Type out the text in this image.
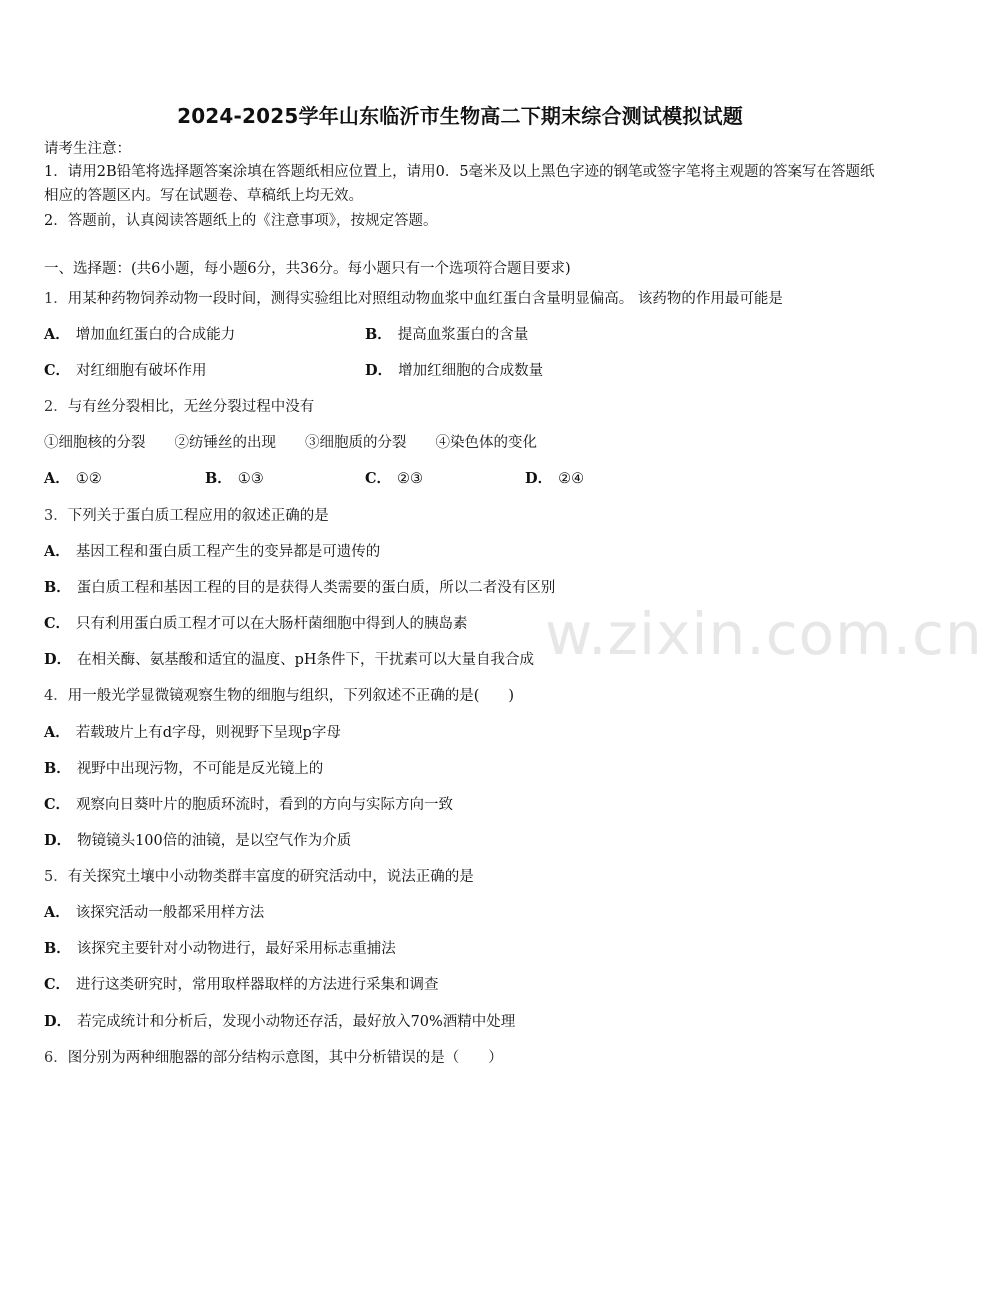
2024-2025学年山东临沂市生物高二下期末综合测试模拟试题
请考生注意：
1．请用2B铅笔将选择题答案涂填在答题纸相应位置上，请用0．5毫米及以上黑色字迹的钢笔或签字笔将主观题的答案写在答题纸相应的答题区内。写在试题卷、草稿纸上均无效。
2．答题前，认真阅读答题纸上的《注意事项》，按规定答题。
一、选择题：(共6小题，每小题6分，共36分。每小题只有一个选项符合题目要求)
1．用某种药物饲养动物一段时间，测得实验组比对照组动物血浆中血红蛋白含量明显偏高。 该药物的作用最可能是
A． 增加血红蛋白的合成能力	B． 提高血浆蛋白的含量
C． 对红细胞有破坏作用	D． 增加红细胞的合成数量
2．与有丝分裂相比，无丝分裂过程中没有
①细胞核的分裂　　②纺锤丝的出现　　③细胞质的分裂　　④染色体的变化
A． ①②	B． ①③	C． ②③	D． ②④
3．下列关于蛋白质工程应用的叙述正确的是
A． 基因工程和蛋白质工程产生的变异都是可遗传的
B． 蛋白质工程和基因工程的目的是获得人类需要的蛋白质，所以二者没有区别
C． 只有利用蛋白质工程才可以在大肠杆菌细胞中得到人的胰岛素
D． 在相关酶、氨基酸和适宜的温度、pH条件下，干扰素可以大量自我合成
4．用一般光学显微镜观察生物的细胞与组织，下列叙述不正确的是(　　)
A． 若载玻片上有d字母，则视野下呈现p字母
B． 视野中出现污物，不可能是反光镜上的
C． 观察向日葵叶片的胞质环流时，看到的方向与实际方向一致
D． 物镜镜头100倍的油镜，是以空气作为介质
5．有关探究土壤中小动物类群丰富度的研究活动中，说法正确的是
A． 该探究活动一般都采用样方法
B． 该探究主要针对小动物进行，最好采用标志重捕法
C． 进行这类研究时，常用取样器取样的方法进行采集和调查
D． 若完成统计和分析后，发现小动物还存活，最好放入70%酒精中处理
6．图分别为两种细胞器的部分结构示意图，其中分析错误的是（　　）
w.zixin.com.cn
